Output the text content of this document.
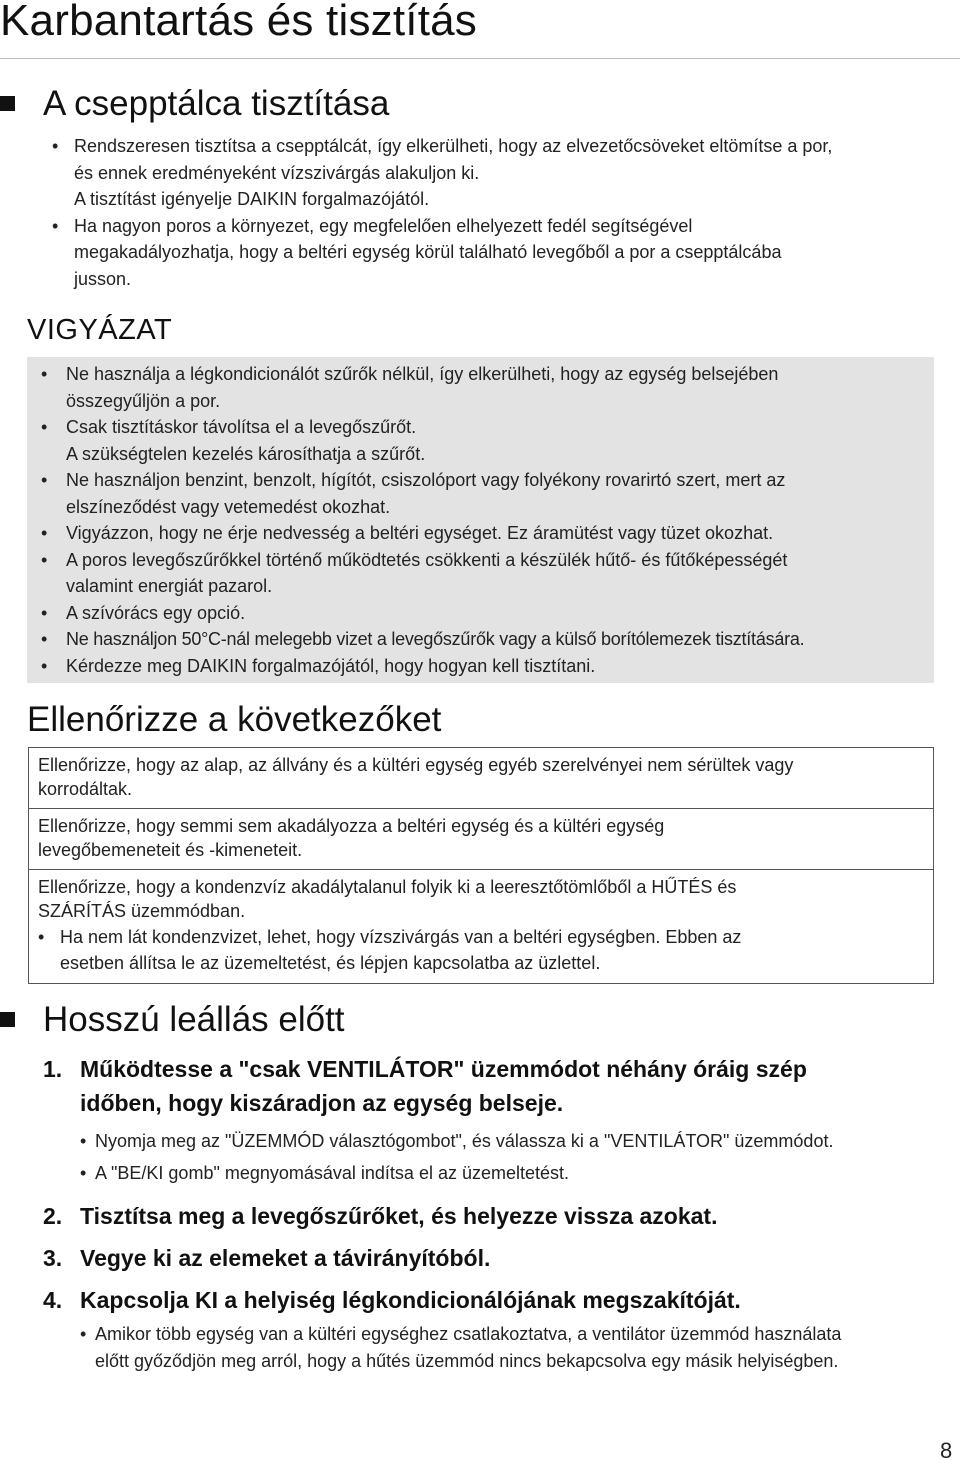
Karbantartás és tisztítás
A csepptálca tisztítása
• Rendszeresen tisztítsa a csepptálcát, így elkerülheti, hogy az elvezetőcsöveket eltömítse a por,
és ennek eredményeként vízszivárgás alakuljon ki.
A tisztítást igényelje DAIKIN forgalmazójától.
• Ha nagyon poros a környezet, egy megfelelően elhelyezett fedél segítségével
megakadályozhatja, hogy a beltéri egység körül található levegőből a por a csepptálcába
jusson.
VIGYÁZAT
• Ne használja a légkondicionálót szűrők nélkül, így elkerülheti, hogy az egység belsejében
összegyűljön a por.
• Csak tisztításkor távolítsa el a levegőszűrőt.
A szükségtelen kezelés károsíthatja a szűrőt.
• Ne használjon benzint, benzolt, hígítót, csiszolóport vagy folyékony rovarirtó szert, mert az
elszíneződést vagy vetemedést okozhat.
• Vigyázzon, hogy ne érje nedvesség a beltéri egységet. Ez áramütést vagy tüzet okozhat.
• A poros levegőszűrőkkel történő működtetés csökkenti a készülék hűtő- és fűtőképességét
valamint energiát pazarol.
• A szívórács egy opció.
• Ne használjon 50°C-nál melegebb vizet a levegőszűrők vagy a külső borítólemezek tisztítására.
• Kérdezze meg DAIKIN forgalmazójától, hogy hogyan kell tisztítani.
Ellenőrizze a következőket
Ellenőrizze, hogy az alap, az állvány és a kültéri egység egyéb szerelvényei nem sérültek vagy
korrodáltak.
Ellenőrizze, hogy semmi sem akadályozza a beltéri egység és a kültéri egység
levegőbemeneteit és -kimeneteit.
Ellenőrizze, hogy a kondenzvíz akadálytalanul folyik ki a leeresztőtömlőből a HŰTÉS és
SZÁRÍTÁS üzemmódban.
• Ha nem lát kondenzvizet, lehet, hogy vízszivárgás van a beltéri egységben. Ebben az
esetben állítsa le az üzemeltetést, és lépjen kapcsolatba az üzlettel.
Hosszú leállás előtt
1. Működtesse a "csak VENTILÁTOR" üzemmódot néhány óráig szép
időben, hogy kiszáradjon az egység belseje.
• Nyomja meg az "ÜZEMMÓD választógombot", és válassza ki a "VENTILÁTOR" üzemmódot.
• A "BE/KI gomb" megnyomásával indítsa el az üzemeltetést.
2. Tisztítsa meg a levegőszűrőket, és helyezze vissza azokat.
3. Vegye ki az elemeket a távirányítóból.
4. Kapcsolja KI a helyiség légkondicionálójának megszakítóját.
• Amikor több egység van a kültéri egységhez csatlakoztatva, a ventilátor üzemmód használata
előtt győződjön meg arról, hogy a hűtés üzemmód nincs bekapcsolva egy másik helyiségben.

8
